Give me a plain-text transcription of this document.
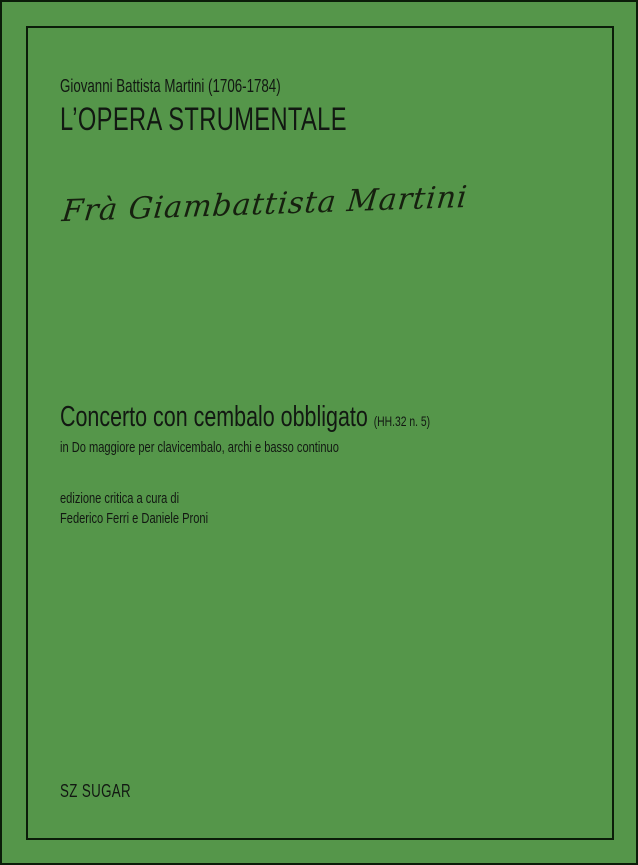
Giovanni Battista Martini (1706-1784)
L’OPERA STRUMENTALE
Frà Giambattista Martini
Concerto con cembalo obbligato (HH.32 n. 5)
in Do maggiore per clavicembalo, archi e basso continuo
edizione critica a cura di
Federico Ferri e Daniele Proni
SZ SUGAR
